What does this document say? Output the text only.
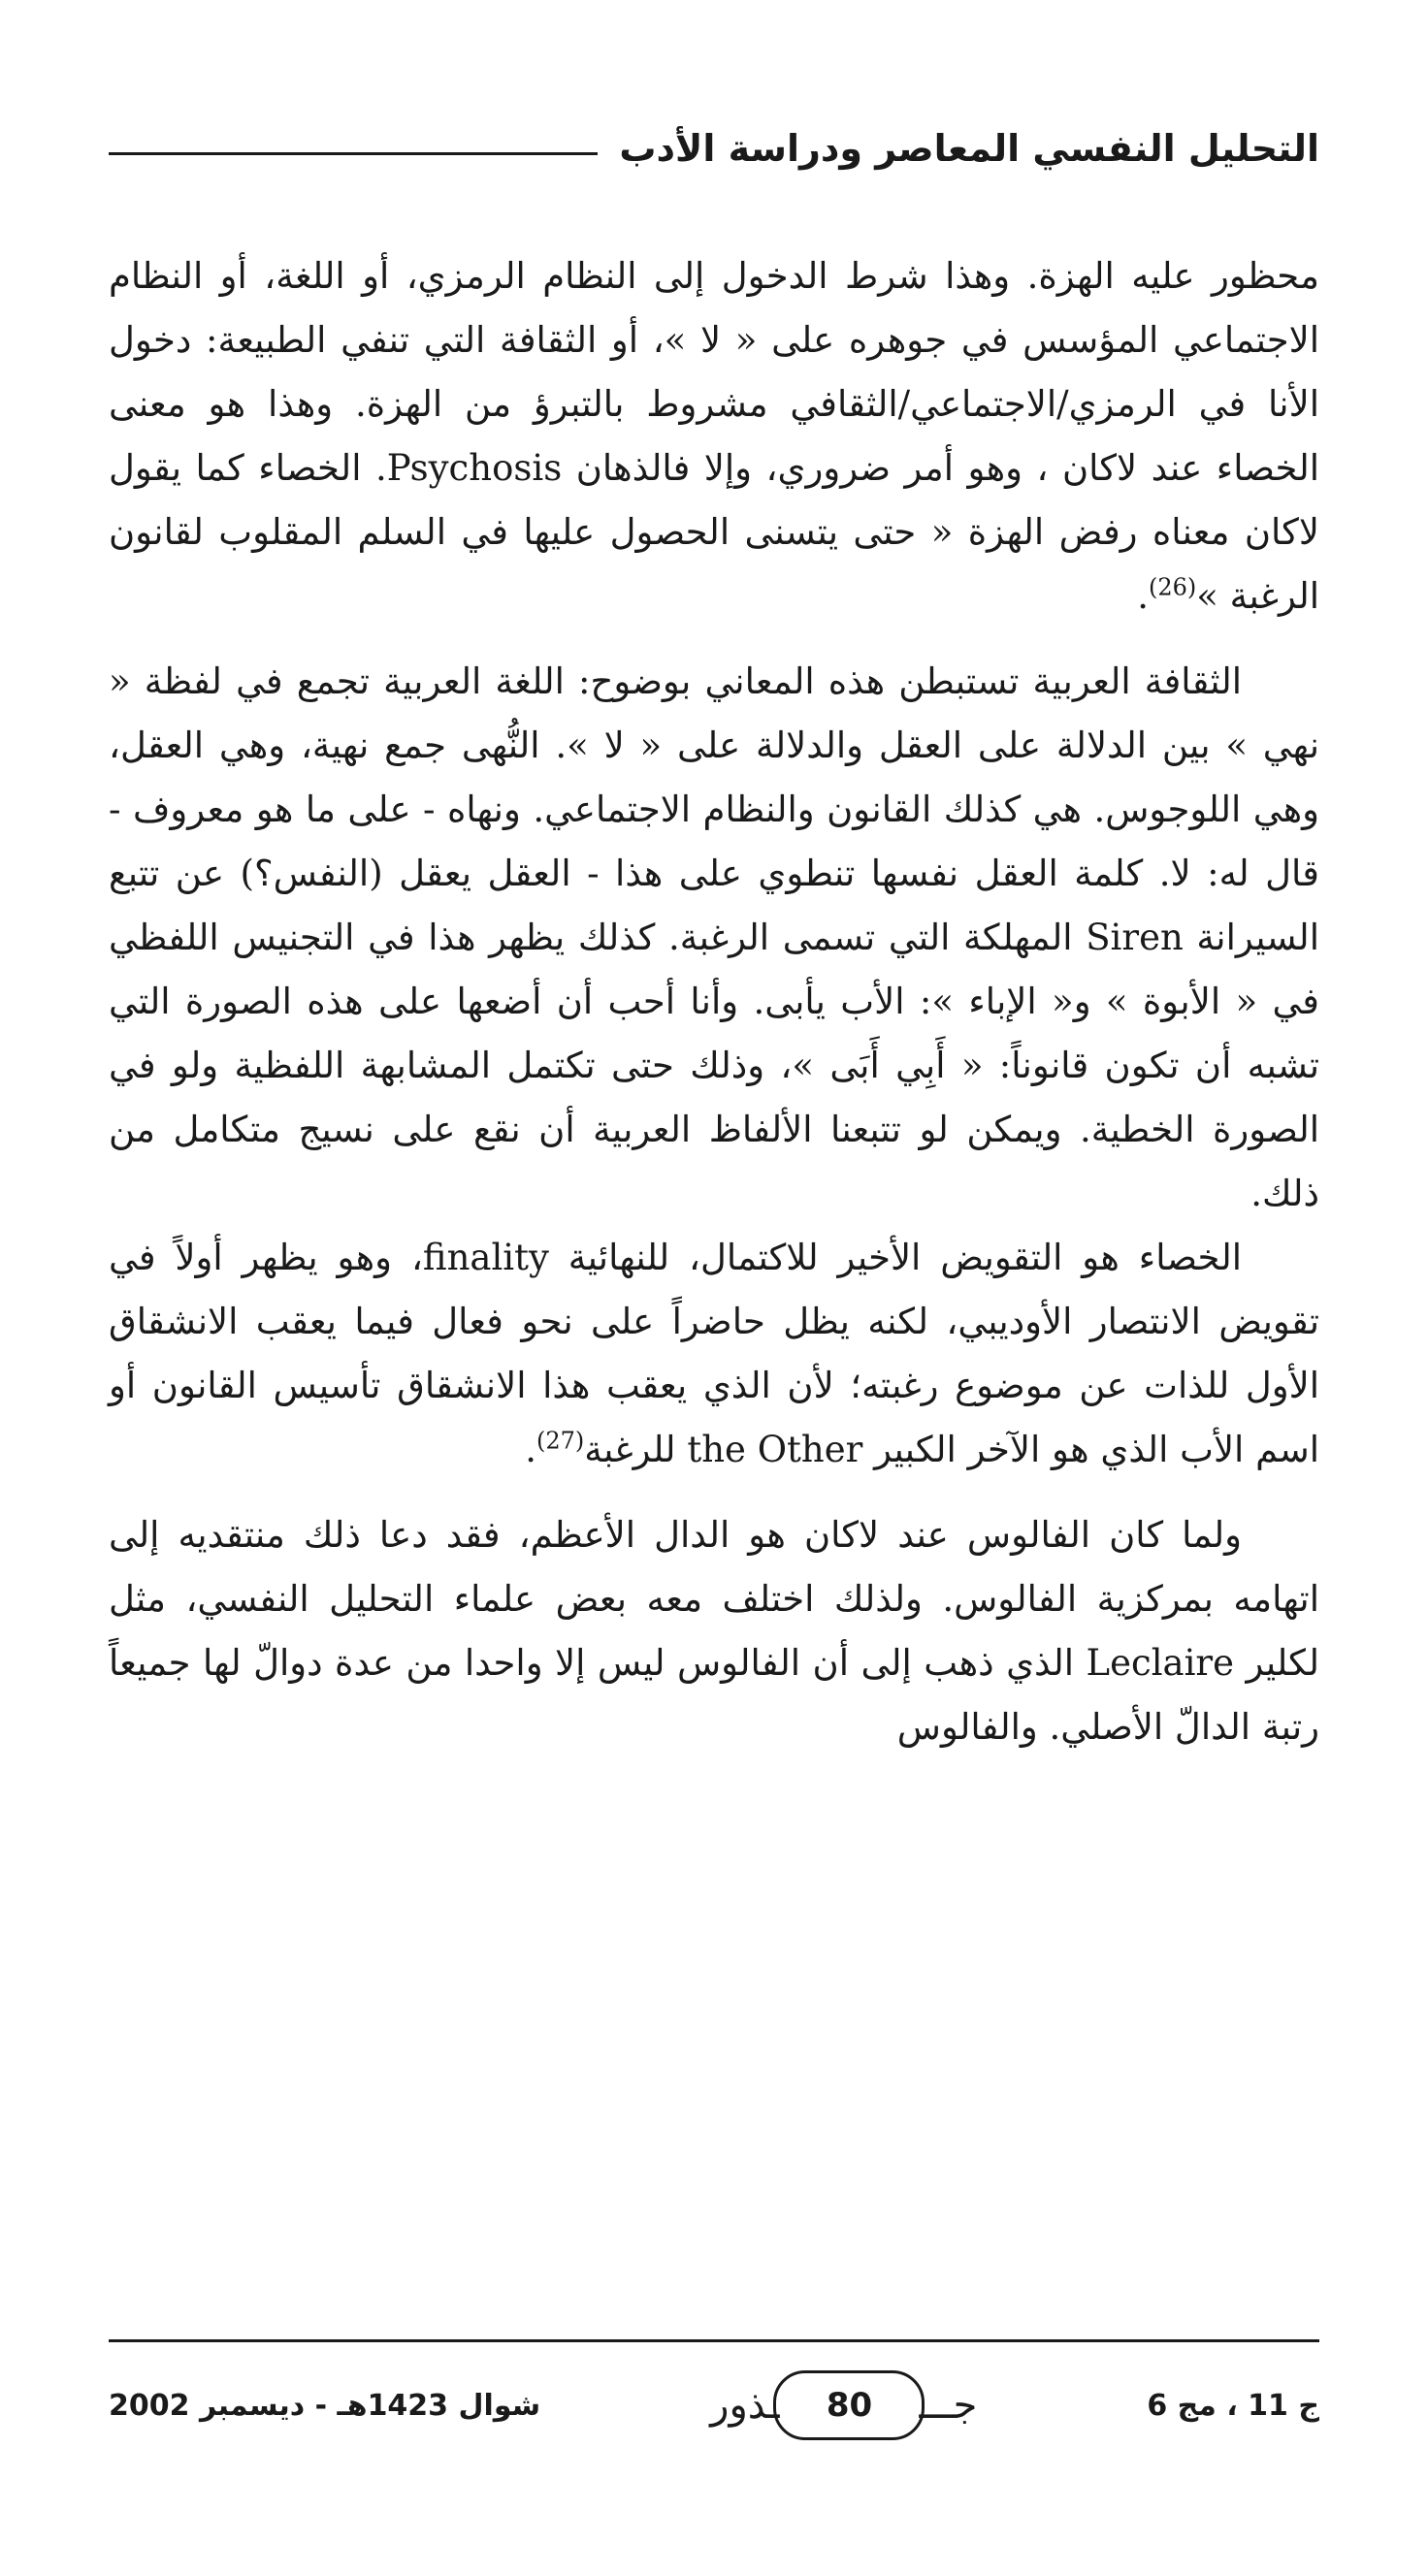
التحليل النفسي المعاصر ودراسة الأدب

محظور عليه الهزة. وهذا شرط الدخول إلى النظام الرمزي، أو اللغة، أو النظام الاجتماعي المؤسس في جوهره على « لا »، أو الثقافة التي تنفي الطبيعة: دخول الأنا في الرمزي/الاجتماعي/الثقافي مشروط بالتبرؤ من الهزة. وهذا هو معنى الخصاء عند لاكان ، وهو أمر ضروري، وإلا فالذهان Psychosis. الخصاء كما يقول لاكان معناه رفض الهزة « حتى يتسنى الحصول عليها في السلم المقلوب لقانون الرغبة »$^{(26)}$.

الثقافة العربية تستبطن هذه المعاني بوضوح: اللغة العربية تجمع في لفظة « نهي » بين الدلالة على العقل والدلالة على « لا ». النُّهى جمع نهية، وهي العقل، وهي اللوجوس. هي كذلك القانون والنظام الاجتماعي. ونهاه - على ما هو معروف - قال له: لا. كلمة العقل نفسها تنطوي على هذا - العقل يعقل (النفس؟) عن تتبع السيرانة Siren المهلكة التي تسمى الرغبة. كذلك يظهر هذا في التجنيس اللفظي في « الأبوة » و« الإباء »: الأب يأبى. وأنا أحب أن أضعها على هذه الصورة التي تشبه أن تكون قانوناً: « أَبِي أَبَى »، وذلك حتى تكتمل المشابهة اللفظية ولو في الصورة الخطية. ويمكن لو تتبعنا الألفاظ العربية أن نقع على نسيج متكامل من ذلك.

الخصاء هو التقويض الأخير للاكتمال، للنهائية finality، وهو يظهر أولاً في تقويض الانتصار الأوديبي، لكنه يظل حاضراً على نحو فعال فيما يعقب الانشقاق الأول للذات عن موضوع رغبته؛ لأن الذي يعقب هذا الانشقاق تأسيس القانون أو اسم الأب الذي هو الآخر الكبير the Other للرغبة$^{(27)}$.

ولما كان الفالوس عند لاكان هو الدال الأعظم، فقد دعا ذلك منتقديه إلى اتهامه بمركزية الفالوس. ولذلك اختلف معه بعض علماء التحليل النفسي، مثل لكلير Leclaire الذي ذهب إلى أن الفالوس ليس إلا واحدا من عدة دوالّ لها جميعاً رتبة الدالّ الأصلي. والفالوس

ج 11 ، مج 6
جـــ
80
ـذور
شوال 1423هـ - ديسمبر 2002
